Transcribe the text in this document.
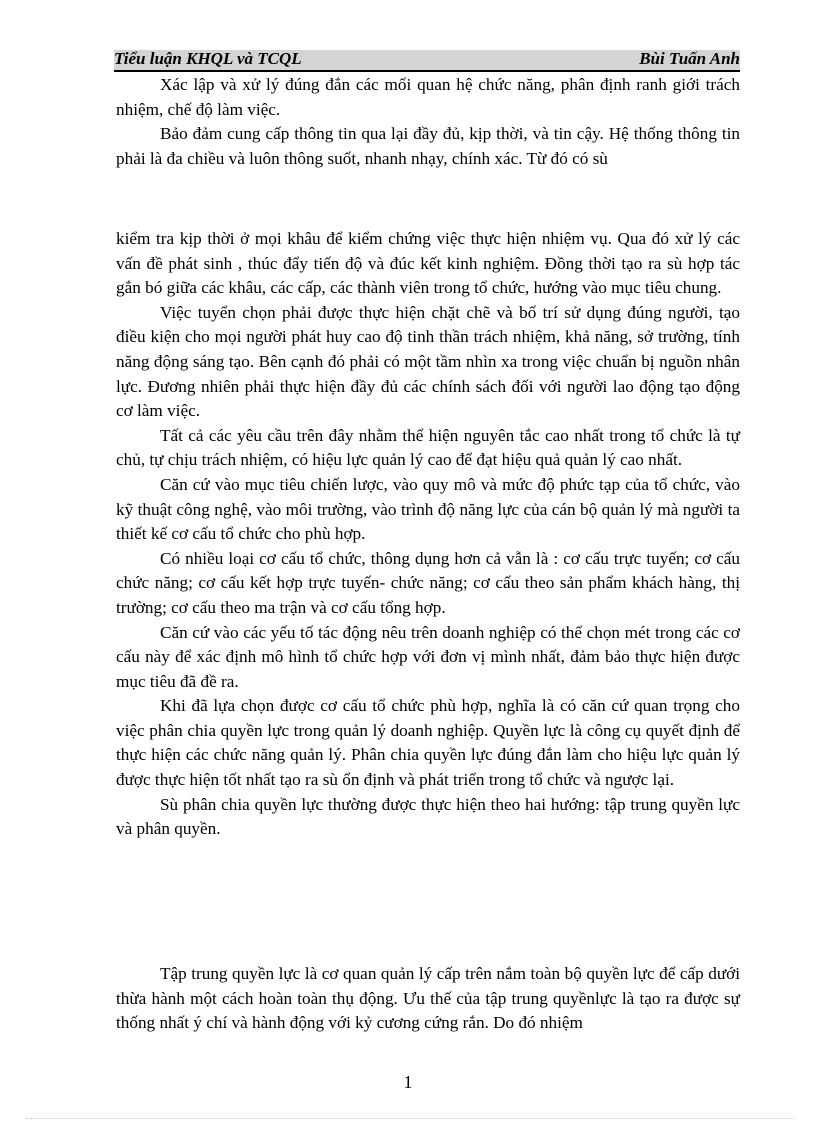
Tiểu luận KHQL và TCQL	Bùi Tuấn Anh

Xác lập và xử lý đúng đắn các mối quan hệ chức năng, phân định ranh giới trách nhiệm, chế độ làm việc.

Bảo đảm cung cấp thông tin qua lại đầy đủ, kịp thời, và tin cậy. Hệ thống thông tin phải là đa chiều và luôn thông suốt, nhanh nhạy, chính xác. Từ đó có sù

kiểm tra kịp thời ở mọi khâu để kiểm chứng việc thực hiện nhiệm vụ. Qua đó xử lý các vấn đề phát sinh , thúc đẩy tiến độ và đúc kết kinh nghiệm. Đồng thời tạo ra sù hợp tác gắn bó giữa các khâu, các cấp, các thành viên trong tổ chức, hướng vào mục tiêu chung.

Việc tuyển chọn phải được thực hiện chặt chẽ và bố trí sử dụng đúng người, tạo điều kiện cho mọi người phát huy cao độ tinh thần trách nhiệm, khả năng, sở trường, tính năng động sáng tạo. Bên cạnh đó phải có một tầm nhìn xa trong việc chuẩn bị nguồn nhân lực. Đương nhiên phải thực hiện đầy đủ các chính sách đối với người lao động tạo động cơ làm việc.

Tất cả các yêu cầu trên đây nhằm thể hiện nguyên tắc cao nhất trong tổ chức là tự chủ, tự chịu trách nhiệm, có hiệu lực quản lý cao để đạt hiệu quả quản lý cao nhất.

Căn cứ vào mục tiêu chiến lược, vào quy mô và mức độ phức tạp của tổ chức, vào kỹ thuật công nghệ, vào môi trường, vào trình độ năng lực của cán bộ quản lý mà người ta thiết kế cơ cấu tổ chức cho phù hợp.

Có nhiều loại cơ cấu tổ chức, thông dụng hơn cả vẫn là : cơ cấu trực tuyến; cơ cấu chức năng; cơ cấu kết hợp trực tuyến- chức năng; cơ cấu theo sản phẩm khách hàng, thị trường; cơ cấu theo ma trận và cơ cấu tổng hợp.

Căn cứ vào các yếu tố tác động nêu trên doanh nghiệp có thể chọn mét trong các cơ cấu này để xác định mô hình tổ chức hợp với đơn vị mình nhất, đảm bảo thực hiện được mục tiêu đã đề ra.

Khi đã lựa chọn được cơ cấu tổ chức phù hợp, nghĩa là có căn cứ quan trọng cho việc phân chia quyền lực trong quản lý doanh nghiệp. Quyền lực là công cụ quyết định để thực hiện các chức năng quản lý. Phân chia quyền lực đúng đắn làm cho hiệu lực quản lý được thực hiện tốt nhất tạo ra sù ổn định và phát triển trong tổ chức và ngược lại.

Sù phân chia quyền lực thường được thực hiện theo hai hướng: tập trung quyền lực và phân quyền.

Tập trung quyền lực là cơ quan quản lý cấp trên nắm toàn bộ quyền lực để cấp dưới thừa hành một cách hoàn toàn thụ động. Ưu thế của tập trung quyềnlực là tạo ra được sự thống nhất ý chí và hành động với kỷ cương cứng rắn. Do đó nhiệm

1
